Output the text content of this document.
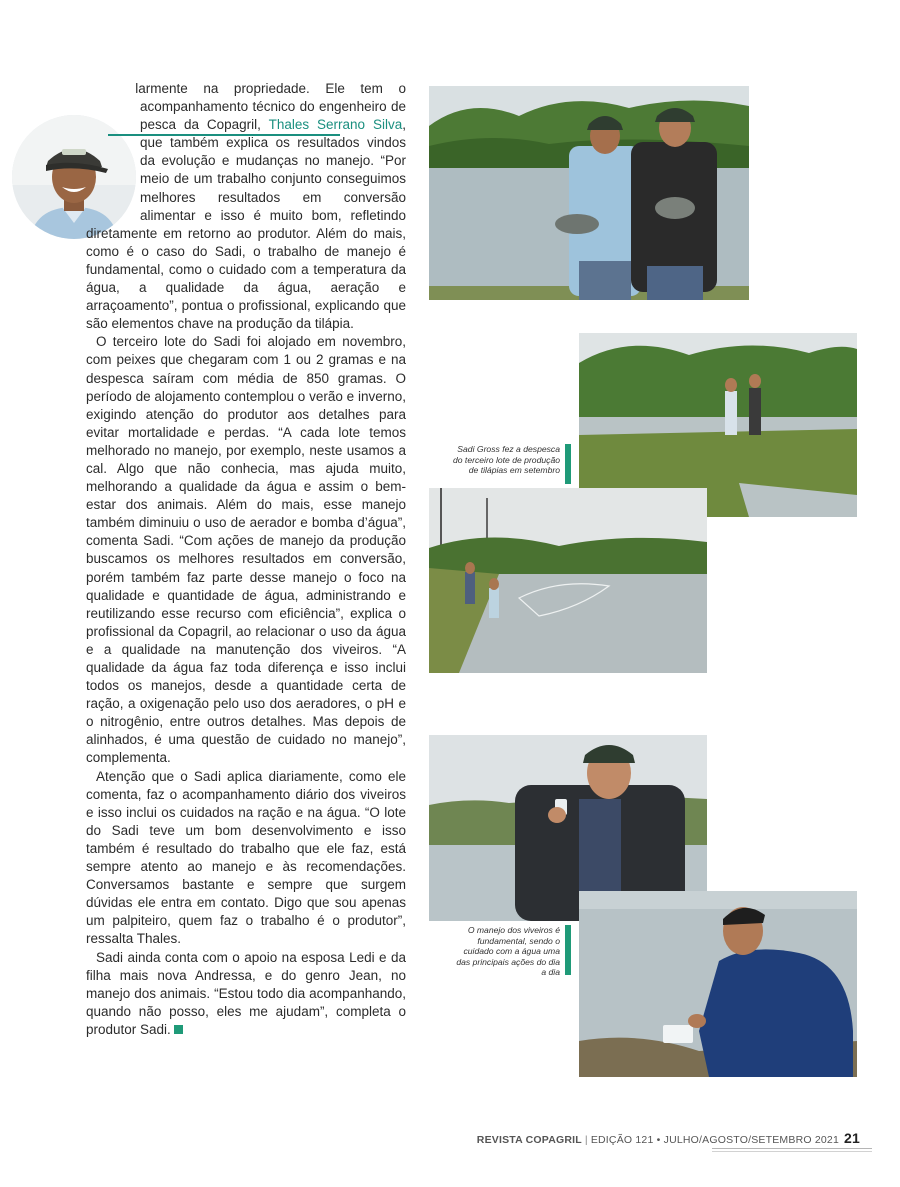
larmente na propriedade. Ele tem o acompanhamento técnico do engenheiro de pesca da Copagril, Thales Serrano Silva, que também explica os resultados vindos da evolução e mudanças no manejo. “Por meio de um trabalho conjunto conseguimos melhores resultados em conversão alimentar e isso é muito bom, refletindo diretamente em retorno ao produtor. Além do mais, como é o caso do Sadi, o trabalho de manejo é fundamental, como o cuidado com a temperatura da água, a qualidade da água, aeração e arraçoamento”, pontua o profissional, explicando que são elementos chave na produção da tilápia.

O terceiro lote do Sadi foi alojado em novembro, com peixes que chegaram com 1 ou 2 gramas e na despesca saíram com média de 850 gramas. O período de alojamento contemplou o verão e inverno, exigindo atenção do produtor aos detalhes para evitar mortalidade e perdas. “A cada lote temos melhorado no manejo, por exemplo, neste usamos a cal. Algo que não conhecia, mas ajuda muito, melhorando a qualidade da água e assim o bem-estar dos animais. Além do mais, esse manejo também diminuiu o uso de aerador e bomba d’água”, comenta Sadi. “Com ações de manejo da produção buscamos os melhores resultados em conversão, porém também faz parte desse manejo o foco na qualidade e quantidade de água, administrando e reutilizando esse recurso com eficiência”, explica o profissional da Copagril, ao relacionar o uso da água e a qualidade na manutenção dos viveiros. “A qualidade da água faz toda diferença e isso inclui todos os manejos, desde a quantidade certa de ração, a oxigenação pelo uso dos aeradores, o pH e o nitrogênio, entre outros detalhes. Mas depois de alinhados, é uma questão de cuidado no manejo”, complementa.

Atenção que o Sadi aplica diariamente, como ele comenta, faz o acompanhamento diário dos viveiros e isso inclui os cuidados na ração e na água. “O lote do Sadi teve um bom desenvolvimento e isso também é resultado do trabalho que ele faz, está sempre atento ao manejo e às recomendações. Conversamos bastante e sempre que surgem dúvidas ele entra em contato. Digo que sou apenas um palpiteiro, quem faz o trabalho é o produtor”, ressalta Thales.

Sadi ainda conta com o apoio na esposa Ledi e da filha mais nova Andressa, e do genro Jean, no manejo dos animais. “Estou todo dia acompanhando, quando não posso, eles me ajudam”, completa o produtor Sadi.

Sadi Gross fez a despesca do terceiro lote de produção de tilápias em setembro
O manejo dos viveiros é fundamental, sendo o cuidado com a água uma das principais ações do dia a dia
REVISTA COPAGRIL | EDIÇÃO 121 • JULHO/AGOSTO/SETEMBRO 2021 21
